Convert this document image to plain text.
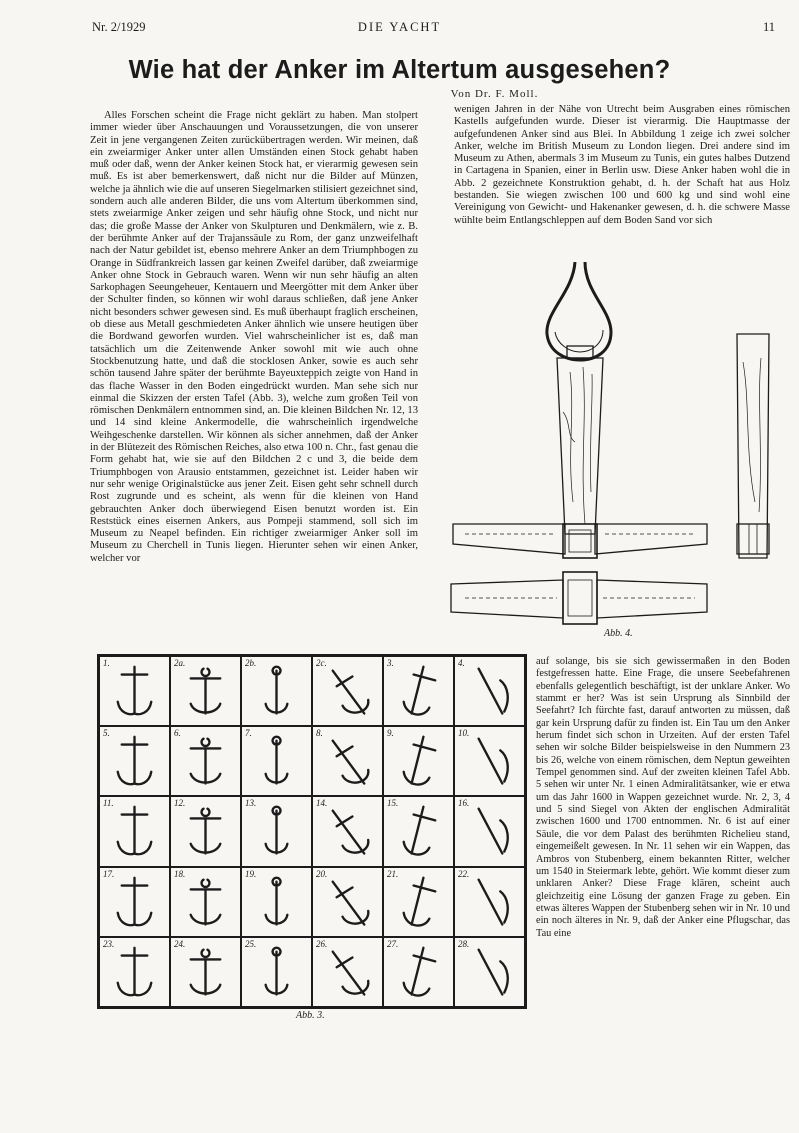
Nr. 2/1929	DIE YACHT	11
Wie hat der Anker im Altertum ausgesehen?
Von Dr. F. Moll.

Alles Forschen scheint die Frage nicht geklärt zu haben. Man stolpert immer wieder über Anschauungen und Voraussetzungen, die von unserer Zeit in jene vergangenen Zeiten zurückübertragen werden. Wir meinen, daß ein zweiarmiger Anker unter allen Umständen einen Stock gehabt haben muß oder daß, wenn der Anker keinen Stock hat, er vierarmig gewesen sein muß. Es ist aber bemerkenswert, daß nicht nur die Bilder auf Münzen, welche ja ähnlich wie die auf unseren Siegelmarken stilisiert gezeichnet sind, sondern auch alle anderen Bilder, die uns vom Altertum überkommen sind, stets zweiarmige Anker zeigen und sehr häufig ohne Stock, und nicht nur das; die große Masse der Anker von Skulpturen und Denkmälern, wie z. B. der berühmte Anker auf der Trajanssäule zu Rom, der ganz unzweifelhaft nach der Natur gebildet ist, ebenso mehrere Anker an dem Triumphbogen zu Orange in Südfrankreich lassen gar keinen Zweifel darüber, daß zweiarmige Anker ohne Stock in Gebrauch waren. Wenn wir nun sehr häufig an alten Sarkophagen Seeungeheuer, Kentauern und Meergötter mit dem Anker über der Schulter finden, so können wir wohl daraus schließen, daß jene Anker nicht besonders schwer gewesen sind. Es muß überhaupt fraglich erscheinen, ob diese aus Metall geschmiedeten Anker ähnlich wie unsere heutigen über die Bordwand geworfen wurden. Viel wahrscheinlicher ist es, daß man tatsächlich um die Zeitenwende Anker sowohl mit wie auch ohne Stockbenutzung hatte, und daß die stocklosen Anker, sowie es auch sehr schön tausend Jahre später der berühmte Bayeuxteppich zeigte von Hand in das flache Wasser in den Boden eingedrückt wurden. Man sehe sich nur einmal die Skizzen der ersten Tafel (Abb. 3), welche zum großen Teil von römischen Denkmälern entnommen sind, an. Die kleinen Bildchen Nr. 12, 13 und 14 sind kleine Ankermodelle, die wahrscheinlich irgendwelche Weihgeschenke darstellen. Wir können als sicher annehmen, daß der Anker in der Blütezeit des Römischen Reiches, also etwa 100 n. Chr., fast genau die Form gehabt hat, wie sie auf den Bildchen 2 c und 3, die beide dem Triumphbogen von Arausio entstammen, gezeichnet ist. Leider haben wir nur sehr wenige Originalstücke aus jener Zeit. Eisen geht sehr schnell durch Rost zugrunde und es scheint, als wenn für die kleinen von Hand gebrauchten Anker doch überwiegend Eisen benutzt worden ist. Ein Reststück eines eisernen Ankers, aus Pompeji stammend, soll sich im Museum zu Neapel befinden. Ein richtiger zweiarmiger Anker soll im Museum zu Cherchell in Tunis liegen. Hierunter sehen wir einen Anker, welcher vor

wenigen Jahren in der Nähe von Utrecht beim Ausgraben eines römischen Kastells aufgefunden wurde. Dieser ist vierarmig. Die Hauptmasse der aufgefundenen Anker sind aus Blei. In Abbildung 1 zeige ich zwei solcher Anker, welche im British Museum zu London liegen. Drei andere sind im Museum zu Athen, abermals 3 im Museum zu Tunis, ein gutes halbes Dutzend in Cartagena in Spanien, einer in Berlin usw. Diese Anker haben wohl die in Abb. 2 gezeichnete Konstruktion gehabt, d. h. der Schaft hat aus Holz bestanden. Sie wiegen zwischen 100 und 600 kg und sind wohl eine Vereinigung von Gewicht- und Hakenanker gewesen, d. h. die schwere Masse wühlte beim Entlangschleppen auf dem Boden Sand vor sich

Abb. 4.

auf solange, bis sie sich gewissermaßen in den Boden festgefressen hatte. Eine Frage, die unsere Seebefahrenen ebenfalls gelegentlich beschäftigt, ist der unklare Anker. Wo stammt er her? Was ist sein Ursprung als Sinnbild der Seefahrt? Ich fürchte fast, darauf antworten zu müssen, daß gar kein Ursprung dafür zu finden ist. Ein Tau um den Anker herum findet sich schon in Urzeiten. Auf der ersten Tafel sehen wir solche Bilder beispielsweise in den Nummern 23 bis 26, welche von einem römischen, dem Neptun geweihten Tempel genommen sind. Auf der zweiten kleinen Tafel Abb. 5 sehen wir unter Nr. 1 einen Admiralitätsanker, wie er etwa um das Jahr 1600 in Wappen gezeichnet wurde. Nr. 2, 3, 4 und 5 sind Siegel von Akten der englischen Admiralität zwischen 1600 und 1700 entnommen. Nr. 6 ist auf einer Säule, die vor dem Palast des berühmten Richelieu stand, eingemeißelt gewesen. In Nr. 11 sehen wir ein Wappen, das Ambros von Stubenberg, einem bekannten Ritter, welcher um 1540 in Steiermark lebte, gehört. Wie kommt dieser zum unklaren Anker? Diese Frage klären, scheint auch gleichzeitig eine Lösung der ganzen Frage zu geben. Ein etwas älteres Wappen der Stubenberg sehen wir in Nr. 10 und ein noch älteres in Nr. 9, daß der Anker eine Pflugschar, das Tau eine

1.	2a.	2b.	2c.	3.	4.
5.	6.	7.	8.	9.	10.
11.	12.	13.	14.	15.	16.
17.	18.	19.	20.	21.	22.
23.	24.	25.	26.	27.	28.
Abb. 3.
